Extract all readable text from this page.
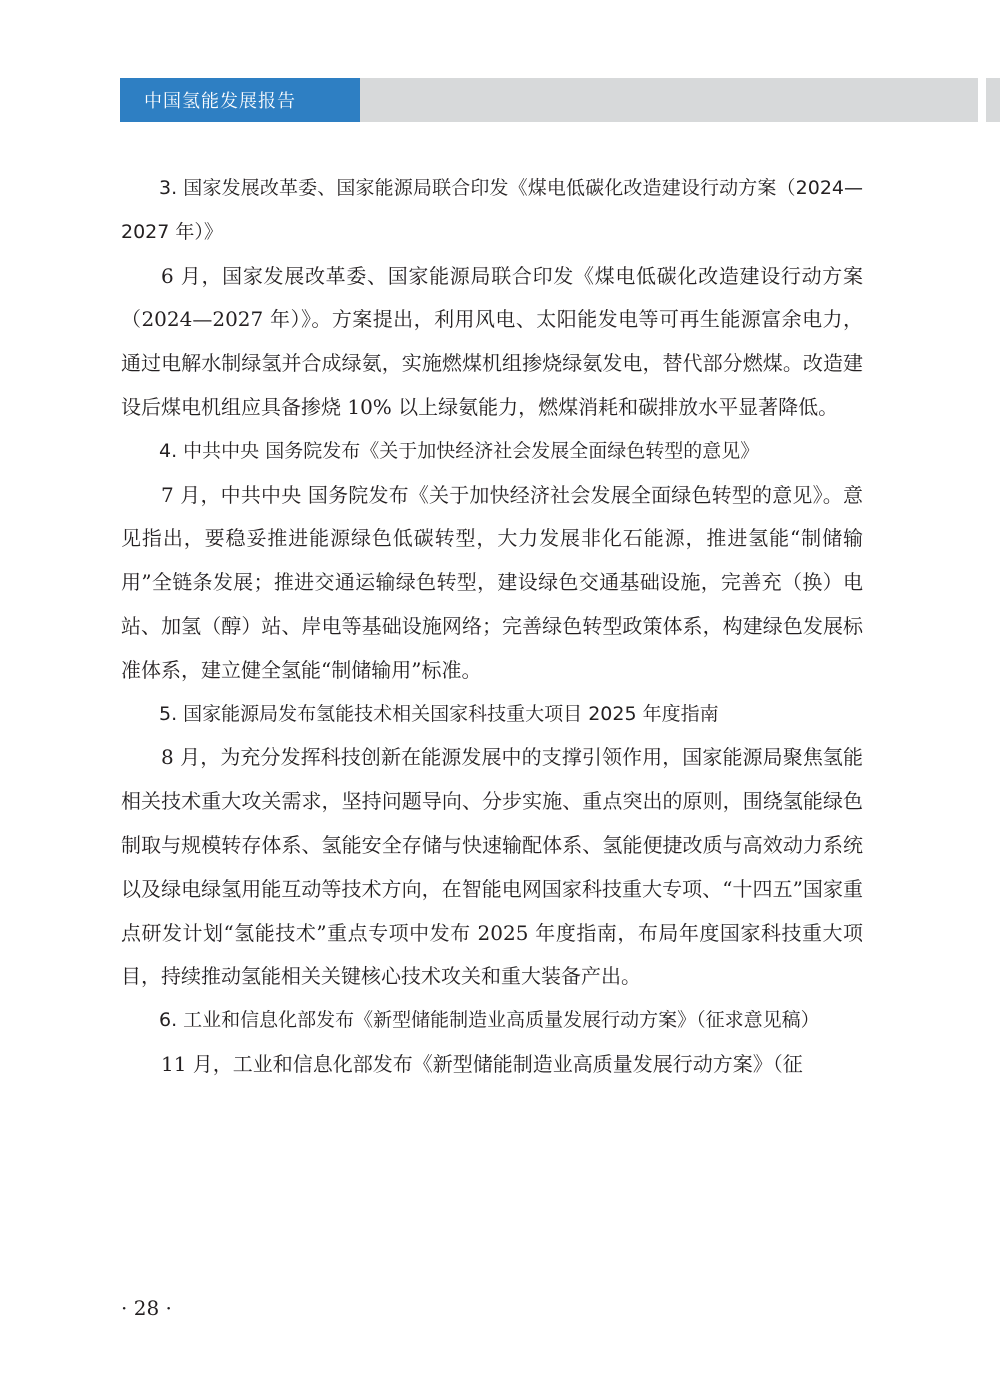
中国氢能发展报告

3. 国家发展改革委、国家能源局联合印发《煤电低碳化改造建设行动方案（2024—2027 年）》

6 月，国家发展改革委、国家能源局联合印发《煤电低碳化改造建设行动方案（2024—2027 年）》。方案提出，利用风电、太阳能发电等可再生能源富余电力，通过电解水制绿氢并合成绿氨，实施燃煤机组掺烧绿氨发电，替代部分燃煤。改造建设后煤电机组应具备掺烧 10% 以上绿氨能力，燃煤消耗和碳排放水平显著降低。

4. 中共中央 国务院发布《关于加快经济社会发展全面绿色转型的意见》

7 月，中共中央 国务院发布《关于加快经济社会发展全面绿色转型的意见》。意见指出，要稳妥推进能源绿色低碳转型，大力发展非化石能源，推进氢能“制储输用”全链条发展；推进交通运输绿色转型，建设绿色交通基础设施，完善充（换）电站、加氢（醇）站、岸电等基础设施网络；完善绿色转型政策体系，构建绿色发展标准体系，建立健全氢能“制储输用”标准。

5. 国家能源局发布氢能技术相关国家科技重大项目 2025 年度指南

8 月，为充分发挥科技创新在能源发展中的支撑引领作用，国家能源局聚焦氢能相关技术重大攻关需求，坚持问题导向、分步实施、重点突出的原则，围绕氢能绿色制取与规模转存体系、氢能安全存储与快速输配体系、氢能便捷改质与高效动力系统以及绿电绿氢用能互动等技术方向，在智能电网国家科技重大专项、“十四五”国家重点研发计划“氢能技术”重点专项中发布 2025 年度指南，布局年度国家科技重大项目，持续推动氢能相关关键核心技术攻关和重大装备产出。

6. 工业和信息化部发布《新型储能制造业高质量发展行动方案》（征求意见稿）

11 月，工业和信息化部发布《新型储能制造业高质量发展行动方案》（征

· 28 ·
